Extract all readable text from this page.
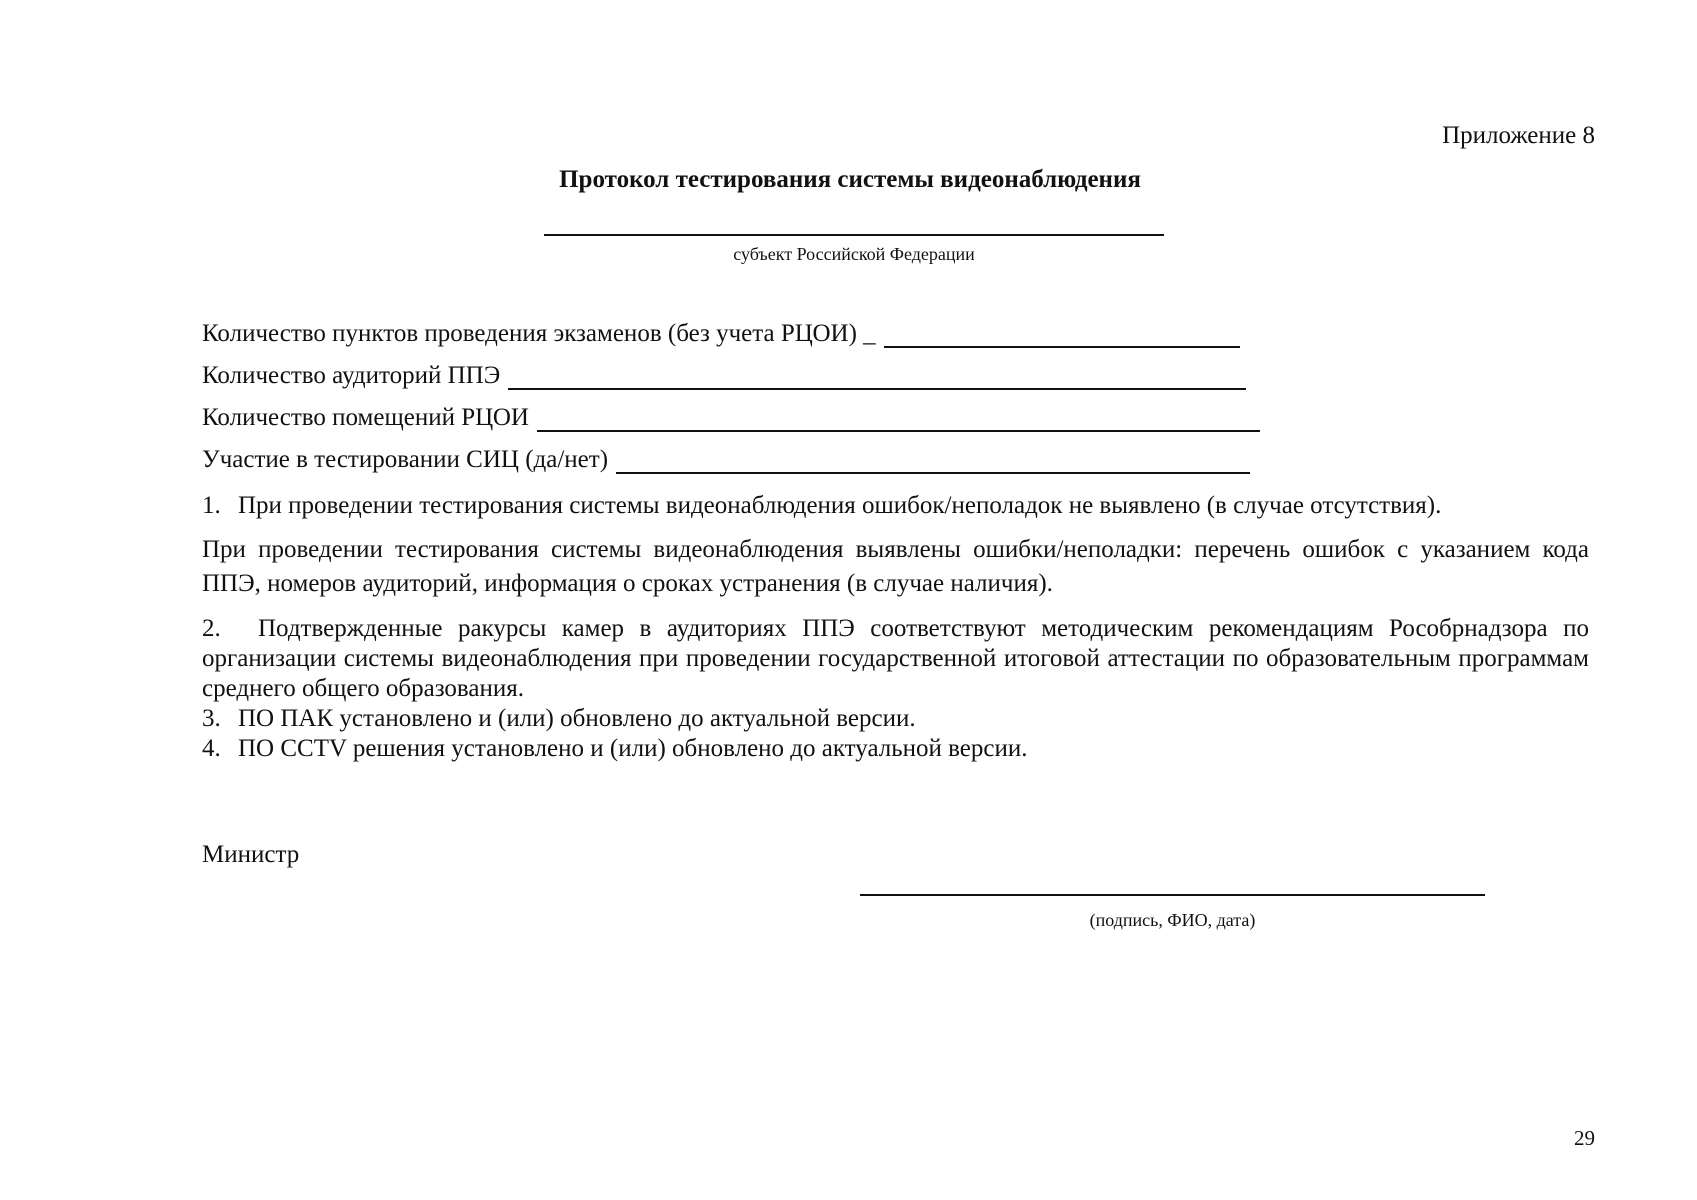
Приложение 8
Протокол тестирования системы видеонаблюдения
субъект Российской Федерации
Количество пунктов проведения экзаменов (без учета РЦОИ) _
Количество аудиторий ППЭ
Количество помещений РЦОИ
Участие в тестировании СИЦ (да/нет)
1. При проведении тестирования системы видеонаблюдения ошибок/неполадок не выявлено (в случае отсутствия).
При проведении тестирования системы видеонаблюдения выявлены ошибки/неполадки: перечень ошибок с указанием кода ППЭ, номеров аудиторий, информация о сроках устранения (в случае наличия).
2. Подтвержденные ракурсы камер в аудиториях ППЭ соответствуют методическим рекомендациям Рособрнадзора по организации системы видеонаблюдения при проведении государственной итоговой аттестации по образовательным программам среднего общего образования.
3. ПО ПАК установлено и (или) обновлено до актуальной версии.
4. ПО CCTV решения установлено и (или) обновлено до актуальной версии.
Министр
(подпись, ФИО, дата)
29
